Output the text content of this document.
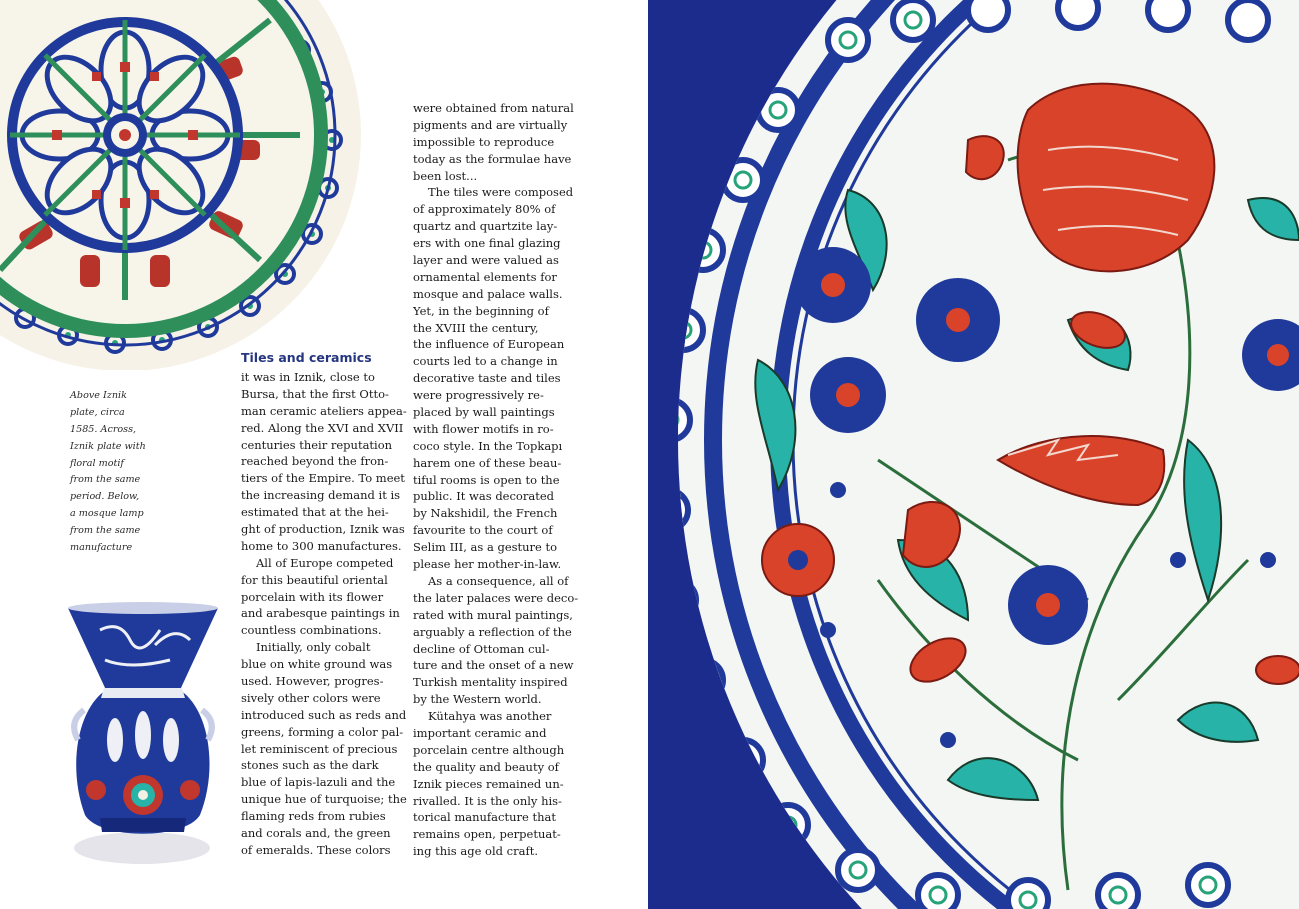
Above Iznik
plate, circa
1585. Across,
Iznik plate with
floral motif
from the same
period. Below,
a mosque lamp
from the same
manufacture
Tiles and ceramics
it was in Iznik, close to
Bursa, that the first Otto-
man ceramic ateliers appea-
red. Along the XVI and XVII
centuries their reputation
reached beyond the fron-
tiers of the Empire. To meet
the increasing demand it is
estimated that at the hei-
ght of production, Iznik was
home to 300 manufactures.
All of Europe competed
for this beautiful oriental
porcelain with its flower
and arabesque paintings in
countless combinations.
Initially, only cobalt
blue on white ground was
used. However, progres-
sively other colors were
introduced such as reds and
greens, forming a color pal-
let reminiscent of precious
stones such as the dark
blue of lapis-lazuli and the
unique hue of turquoise; the
flaming reds from rubies
and corals and, the green
of emeralds. These colors
were obtained from natural
pigments and are virtually
impossible to reproduce
today as the formulae have
been lost...
The tiles were composed
of approximately 80% of
quartz and quartzite lay-
ers with one final glazing
layer and were valued as
ornamental elements for
mosque and palace walls.
Yet, in the beginning of
the XVIII the century,
the influence of European
courts led to a change in
decorative taste and tiles
were progressively re-
placed by wall paintings
with flower motifs in ro-
coco style. In the Topkapı
harem one of these beau-
tiful rooms is open to the
public. It was decorated
by Nakshidil, the French
favourite to the court of
Selim III, as a gesture to
please her mother-in-law.
As a consequence, all of
the later palaces were deco-
rated with mural paintings,
arguably a reflection of the
decline of Ottoman cul-
ture and the onset of a new
Turkish mentality inspired
by the Western world.
Kütahya was another
important ceramic and
porcelain centre although
the quality and beauty of
Iznik pieces remained un-
rivalled. It is the only his-
torical manufacture that
remains open, perpetuat-
ing this age old craft.
